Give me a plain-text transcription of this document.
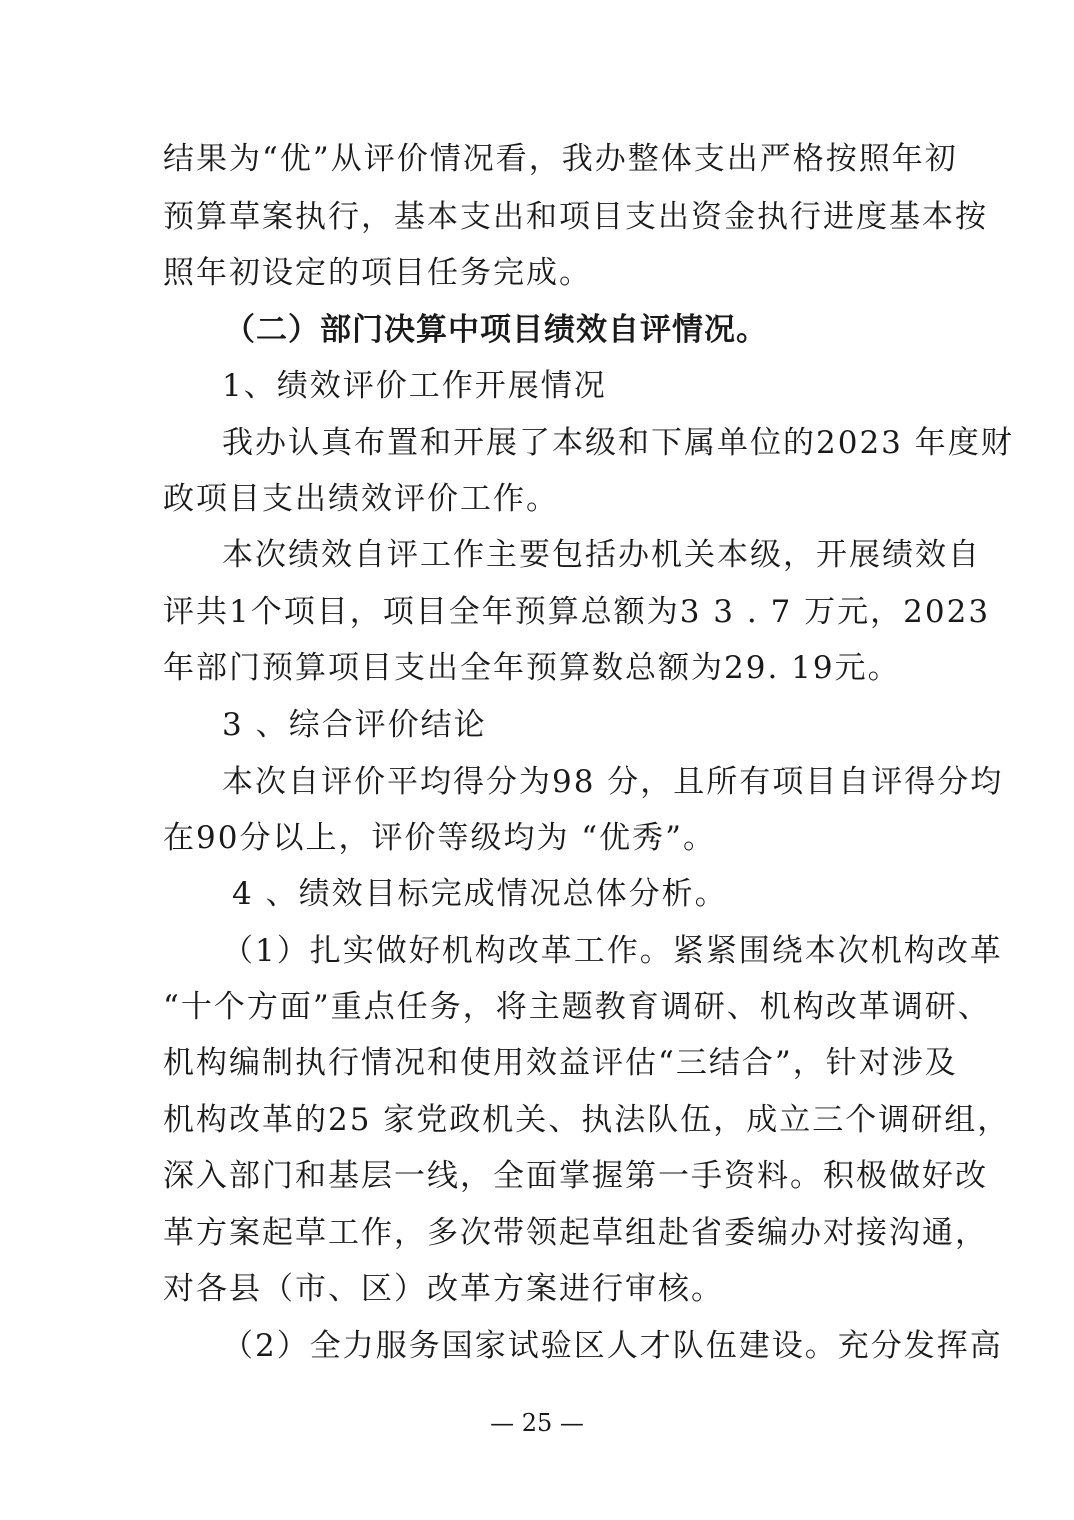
结果为“优”从评价情况看，我办整体支出严格按照年初
预算草案执行，基本支出和项目支出资金执行进度基本按
照年初设定的项目任务完成。
（二）部门决算中项目绩效自评情况。
1、绩效评价工作开展情况
我办认真布置和开展了本级和下属单位的2023 年度财
政项目支出绩效评价工作。
本次绩效自评工作主要包括办机关本级，开展绩效自
评共1个项目，项目全年预算总额为3 3 . 7 万元，2023
年部门预算项目支出全年预算数总额为29. 19元。
3 、综合评价结论
本次自评价平均得分为98 分，且所有项目自评得分均
在90分以上，评价等级均为 “优秀”。
4 、绩效目标完成情况总体分析。
（1）扎实做好机构改革工作。紧紧围绕本次机构改革
“十个方面”重点任务，将主题教育调研、机构改革调研、
机构编制执行情况和使用效益评估“三结合”，针对涉及
机构改革的25 家党政机关、执法队伍，成立三个调研组，
深入部门和基层一线，全面掌握第一手资料。积极做好改
革方案起草工作，多次带领起草组赴省委编办对接沟通，
对各县（市、区）改革方案进行审核。
（2）全力服务国家试验区人才队伍建设。充分发挥高
— 25 —
